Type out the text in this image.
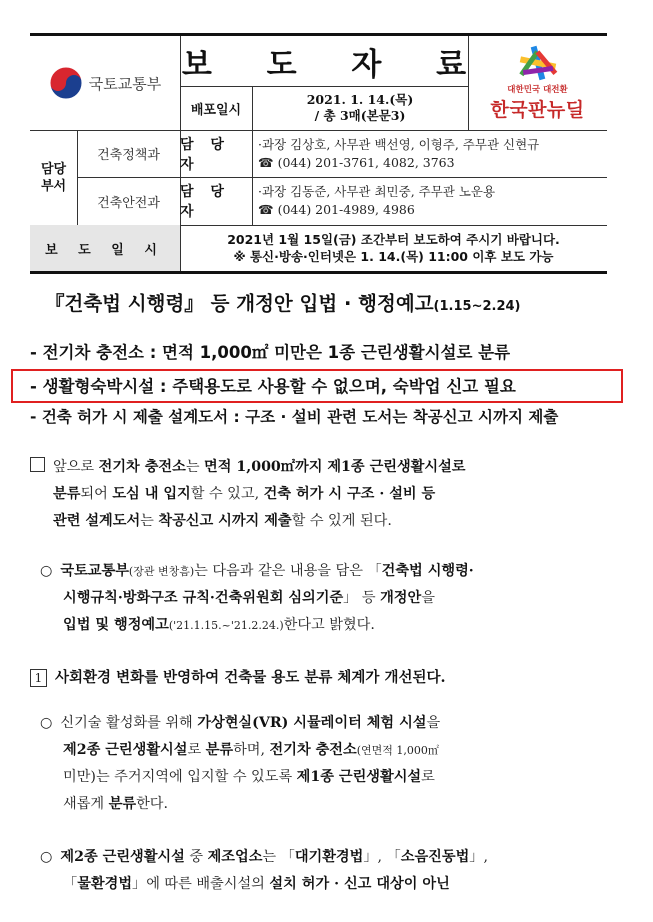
국토교통부
보 도 자 료
배포일시
2021. 1. 14.(목)
/ 총 3매(본문3)
대한민국 대전환
한국판뉴딜
담당
부서
건축정책과
담 당 자
·과장 김상호, 사무관 백선영, 이형주, 주무관 신현규
☎ (044) 201-3761, 4082, 3763
건축안전과
담 당 자
·과장 김동준, 사무관 최민중, 주무관 노운용
☎ (044) 201-4989, 4986
보 도 일 시
2021년 1월 15일(금) 조간부터 보도하여 주시기 바랍니다.
※ 통신·방송·인터넷은 1. 14.(목) 11:00 이후 보도 가능
『건축법 시행령』 등 개정안 입법 · 행정예고(1.15~2.24)
- 전기차 충전소 : 면적 1,000㎡ 미만은 1종 근린생활시설로 분류
- 생활형숙박시설 : 주택용도로 사용할 수 없으며, 숙박업 신고 필요
- 건축 허가 시 제출 설계도서 : 구조 · 설비 관련 도서는 착공신고 시까지 제출
앞으로 전기차 충전소는 면적 1,000㎡까지 제1종 근린생활시설로
분류되어 도심 내 입지할 수 있고, 건축 허가 시 구조 · 설비 등
관련 설계도서는 착공신고 시까지 제출할 수 있게 된다.
○ 국토교통부(장관 변창흠)는 다음과 같은 내용을 담은 「건축법 시행령·
시행규칙·방화구조 규칙·건축위원회 심의기준」 등 개정안을
입법 및 행정예고('21.1.15.~'21.2.24.)한다고 밝혔다.
1 사회환경 변화를 반영하여 건축물 용도 분류 체계가 개선된다.
○ 신기술 활성화를 위해 가상현실(VR) 시뮬레이터 체험 시설을
제2종 근린생활시설로 분류하며, 전기차 충전소(연면적 1,000㎡
미만)는 주거지역에 입지할 수 있도록 제1종 근린생활시설로
새롭게 분류한다.
○ 제2종 근린생활시설 중 제조업소는 「대기환경법」, 「소음진동법」,
「물환경법」에 따른 배출시설의 설치 허가 · 신고 대상이 아닌
